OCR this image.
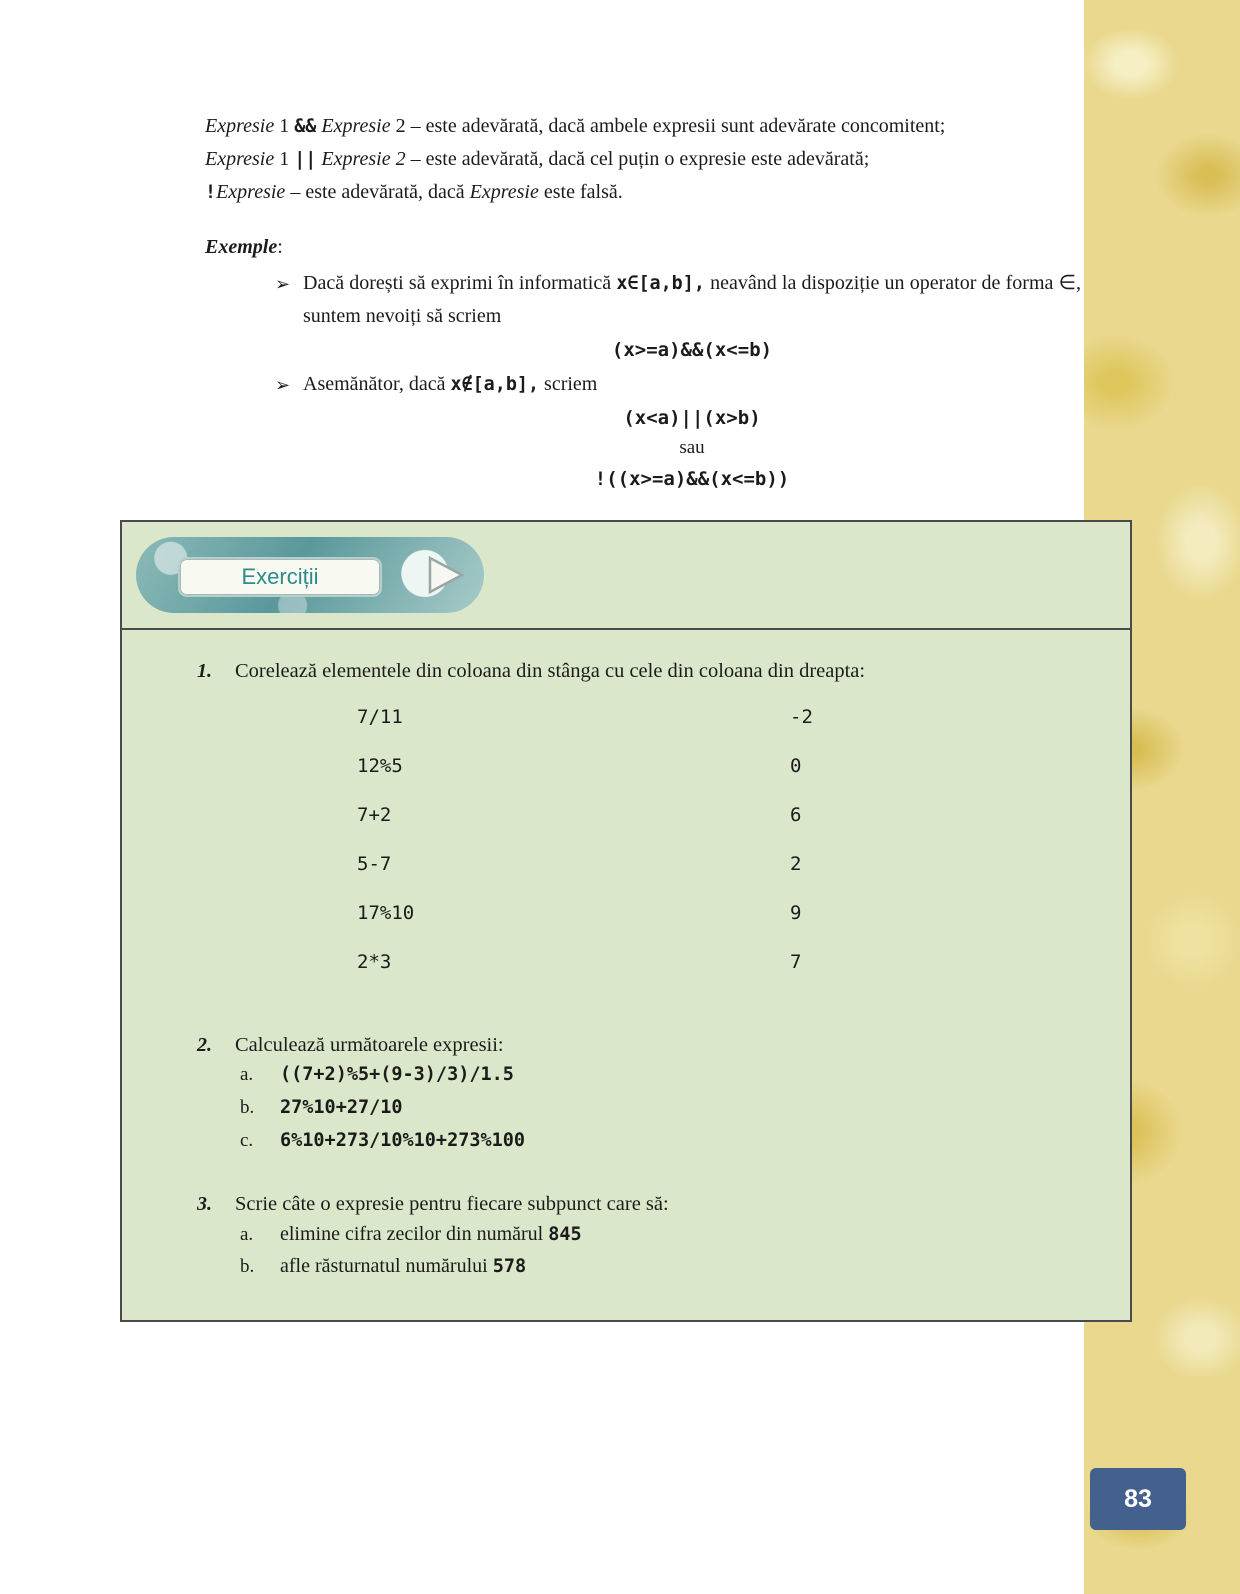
83

Expresie 1 && Expresie 2 – este adevărată, dacă ambele expresii sunt adevărate concomitent;

Expresie 1 || Expresie 2 – este adevărată, dacă cel puțin o expresie este adevărată;

!Expresie – este adevărată, dacă Expresie este falsă.

Exemple:

➢ Dacă dorești să exprimi în informatică x∈[a,b], neavând la dispoziție un operator de forma ∈, suntem nevoiți să scriem
(x>=a)&&(x<=b)
➢ Asemănător, dacă x∉[a,b], scriem
(x<a)||(x>b)
sau
!((x>=a)&&(x<=b))
Exerciții
1.	Corelează elementele din coloana din stânga cu cele din coloana din dreapta:
7/11	-2
12%5	0
7+2	6
5-7	2
17%10	9
2*3	7
2.	Calculează următoarele expresii:
a.	((7+2)%5+(9-3)/3)/1.5
b.	27%10+27/10
c.	6%10+273/10%10+273%100
3.	Scrie câte o expresie pentru fiecare subpunct care să:
a.	elimine cifra zecilor din numărul 845
b.	afle răsturnatul numărului 578
